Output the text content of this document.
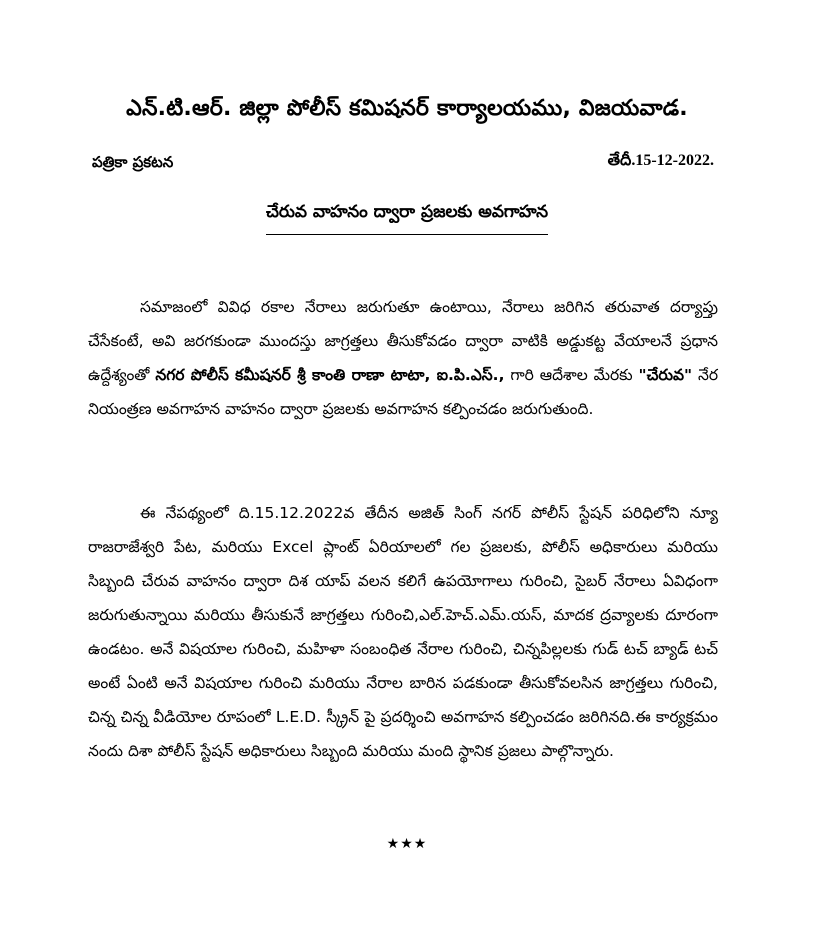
ఎన్.టి.ఆర్. జిల్లా పోలీస్ కమిషనర్ కార్యాలయము, విజయవాడ.
పత్రికా ప్రకటన	తేదీ.15-12-2022.
చేరువ వాహనం ద్వారా ప్రజలకు అవగాహన

సమాజంలో వివిధ రకాల నేరాలు జరుగుతూ ఉంటాయి, నేరాలు జరిగిన తరువాత దర్యాప్తు చేసేకంటే, అవి జరగకుండా ముందస్తు జాగ్రత్తలు తీసుకోవడం ద్వారా వాటికి అడ్డుకట్ట వేయాలనే ప్రధాన ఉద్దేశ్యంతో నగర పోలీస్ కమీషనర్ శ్రీ కాంతి రాణా టాటా, ఐ.పి.ఎస్., గారి ఆదేశాల మేరకు "చేరువ" నేర నియంత్రణ అవగాహన వాహనం ద్వారా ప్రజలకు అవగాహన కల్పించడం జరుగుతుంది.

ఈ నేపథ్యంలో ది.15.12.2022వ తేదీన అజిత్ సింగ్ నగర్ పోలీస్ స్టేషన్ పరిధిలోని న్యూ రాజరాజేశ్వరి పేట, మరియు Excel ప్లాంట్ ఏరియాలలో గల ప్రజలకు, పోలీస్ అధికారులు మరియు సిబ్బంది చేరువ వాహనం ద్వారా దిశ యాప్ వలన కలిగే ఉపయోగాలు గురించి, సైబర్ నేరాలు ఏవిధంగా జరుగుతున్నాయి మరియు తీసుకునే జాగ్రత్తలు గురించి,ఎల్.హెచ్.ఎమ్.యస్, మాదక ద్రవ్యాలకు దూరంగా ఉండటం. అనే విషయాల గురించి, మహిళా సంబంధిత నేరాల గురించి, చిన్నపిల్లలకు గుడ్ టచ్ బ్యాడ్ టచ్ అంటే ఏంటి అనే విషయాల గురించి మరియు నేరాల బారిన పడకుండా తీసుకోవలసిన జాగ్రత్తలు గురించి, చిన్న చిన్న వీడియోల రూపంలో L.E.D. స్క్రీన్ పై ప్రదర్శించి అవగాహన కల్పించడం జరిగినది.ఈ కార్యక్రమం నందు దిశా పోలీస్ స్టేషన్ అధికారులు సిబ్బంది మరియు మంది స్థానిక ప్రజలు పాల్గొన్నారు.

★★★
